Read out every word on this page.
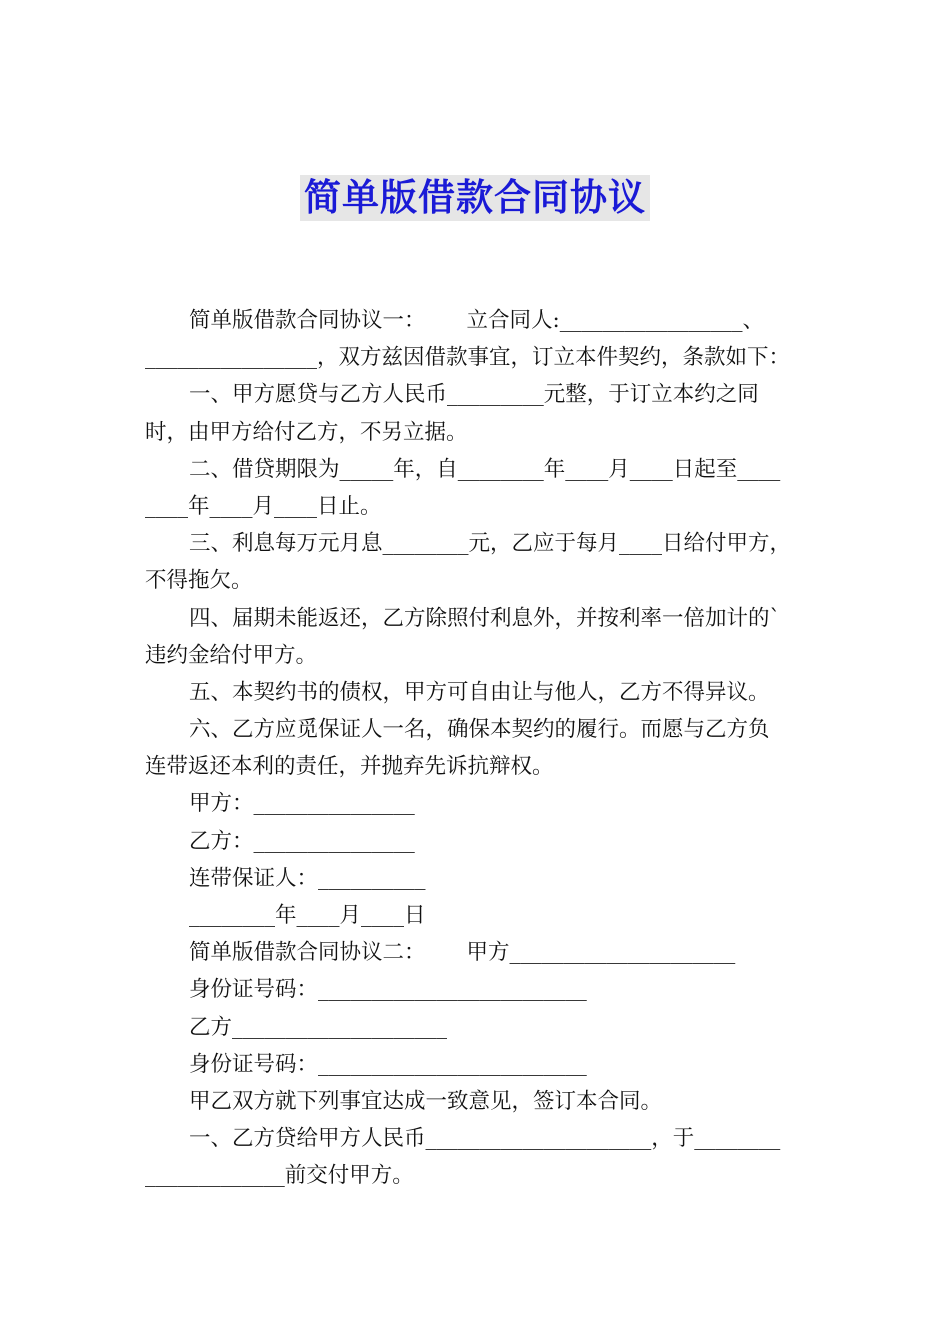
简单版借款合同协议
简单版借款合同协议一：      立合同人:_________________、
________________，双方兹因借款事宜，订立本件契约，条款如下：
一、甲方愿贷与乙方人民币_________元整，于订立本约之同
时，由甲方给付乙方，不另立据。
二、借贷期限为_____年，自________年____月____日起至____
____年____月____日止。
三、利息每万元月息________元，乙应于每月____日给付甲方，
不得拖欠。
四、届期未能返还，乙方除照付利息外，并按利率一倍加计的`
违约金给付甲方。
五、本契约书的债权，甲方可自由让与他人，乙方不得异议。
六、乙方应觅保证人一名，确保本契约的履行。而愿与乙方负
连带返还本利的责任，并抛弃先诉抗辩权。
甲方：_______________
乙方：_______________
连带保证人：__________
________年____月____日
简单版借款合同协议二：      甲方_____________________
身份证号码：_________________________
乙方____________________
身份证号码：_________________________
甲乙双方就下列事宜达成一致意见，签订本合同。
一、乙方贷给甲方人民币_____________________，于________
_____________前交付甲方。
